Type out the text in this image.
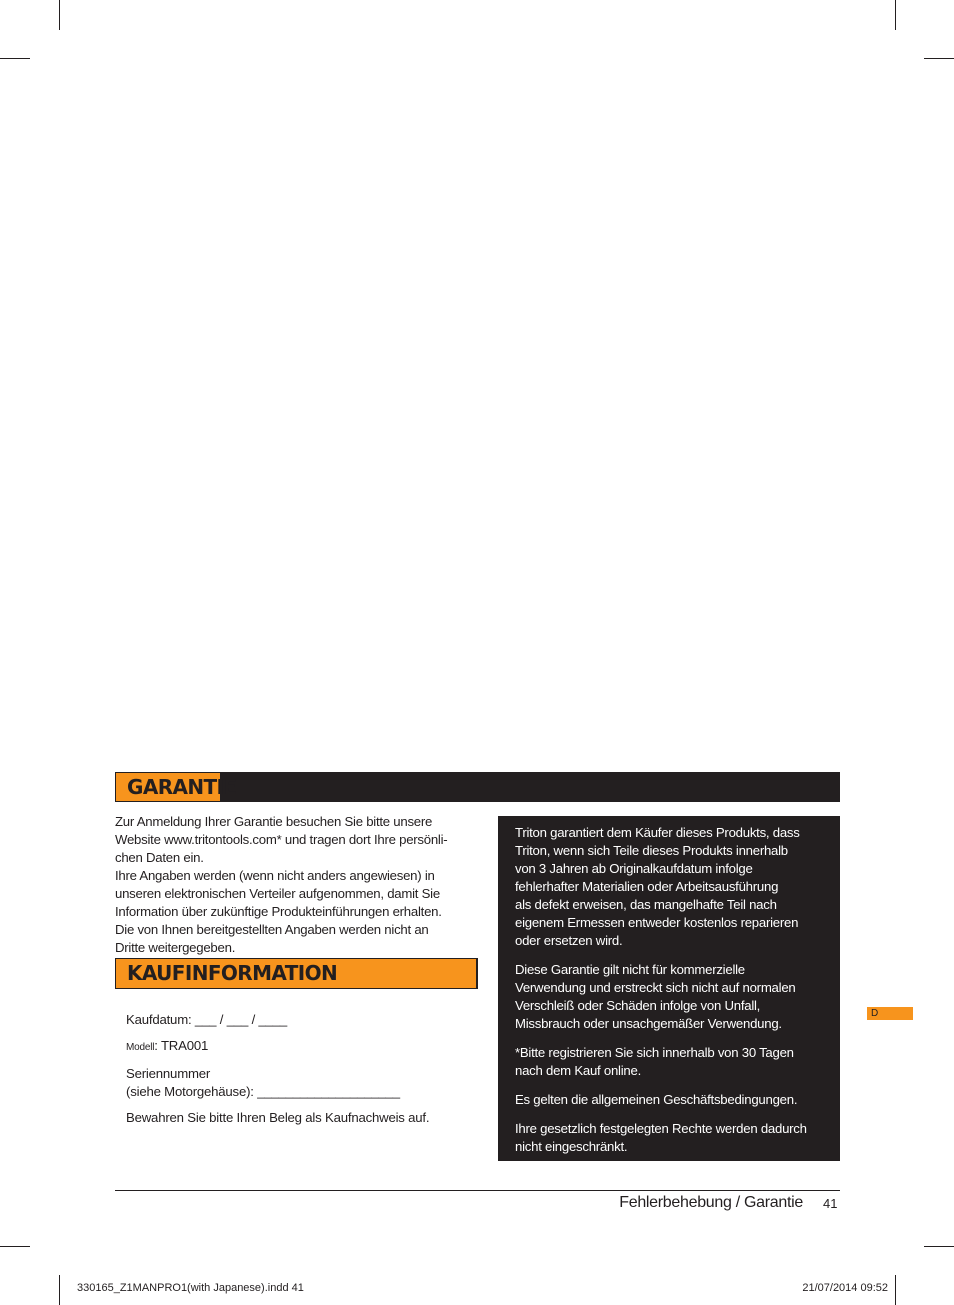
GARANTIE

Zur Anmeldung Ihrer Garantie besuchen Sie bitte unsere

Website www.tritontools.com* und tragen dort Ihre persönli-

chen Daten ein.

Ihre Angaben werden (wenn nicht anders angewiesen) in

unseren elektronischen Verteiler aufgenommen, damit Sie

Information über zukünftige Produkteinführungen erhalten.

Die von Ihnen bereitgestellten Angaben werden nicht an

Dritte weitergegeben.

KAUFINFORMATION

Kaufdatum: ___ / ___ / ____

Modell: TRA001

Seriennummer

(siehe Motorgehäuse): ____________________

Bewahren Sie bitte Ihren Beleg als Kaufnachweis auf.

Triton garantiert dem Käufer dieses Produkts, dass
Triton, wenn sich Teile dieses Produkts innerhalb
von 3 Jahren ab Originalkaufdatum infolge
fehlerhafter Materialien oder Arbeitsausführung
als defekt erweisen, das mangelhafte Teil nach
eigenem Ermessen entweder kostenlos reparieren
oder ersetzen wird.

Diese Garantie gilt nicht für kommerzielle
Verwendung und erstreckt sich nicht auf normalen
Verschleiß oder Schäden infolge von Unfall,
Missbrauch oder unsachgemäßer Verwendung.

*Bitte registrieren Sie sich innerhalb von 30 Tagen
nach dem Kauf online.

Es gelten die allgemeinen Geschäftsbedingungen.

Ihre gesetzlich festgelegten Rechte werden dadurch
nicht eingeschränkt.

D
Fehlerbehebung / Garantie 41
330165_Z1MANPRO1(with Japanese).indd 41	21/07/2014 09:52
